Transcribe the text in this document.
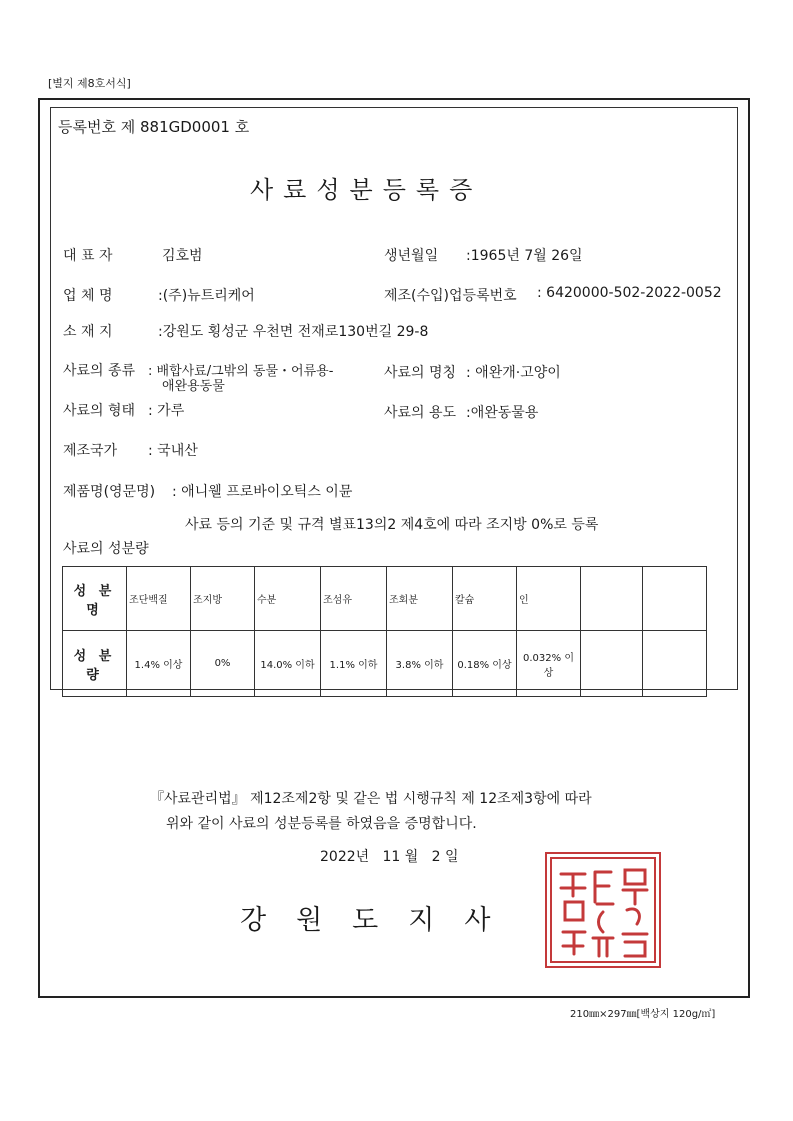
[별지 제8호서식]
등록번호 제 881GD0001 호
사료성분등록증
대 표 자	김호범	생년월일 :1965년 7월 26일
업 체 명	:(주)뉴트리케어	제조(수입)업등록번호 : 6420000-502-2022-0052
소 재 지	:강원도 횡성군 우천면 전재로130번길 29-8
사료의 종류 : 배합사료/그밖의 동물・어류용-
애완용동물
사료의 명칭 : 애완개·고양이
사료의 형태 : 가루	사료의 용도 :애완동물용
제조국가 : 국내산
제품명(영문명) : 애니웰 프로바이오틱스 이뮨
사료 등의 기준 및 규격 별표13의2 제4호에 따라 조지방 0%로 등록
사료의 성분량
성 분 명	조단백질	조지방	수분	조섬유	조회분	칼슘	인		
성 분 량	1.4% 이상	0%	14.0% 이하	1.1% 이하	3.8% 이하	0.18% 이상	0.032% 이상		
『사료관리법』 제12조제2항 및 같은 법 시행규칙 제 12조제3항에 따라
위와 같이 사료의 성분등록를 하였음을 증명합니다.
2022년   11 월   2 일
강원도지사
210㎜×297㎜[백상지 120g/㎡]
